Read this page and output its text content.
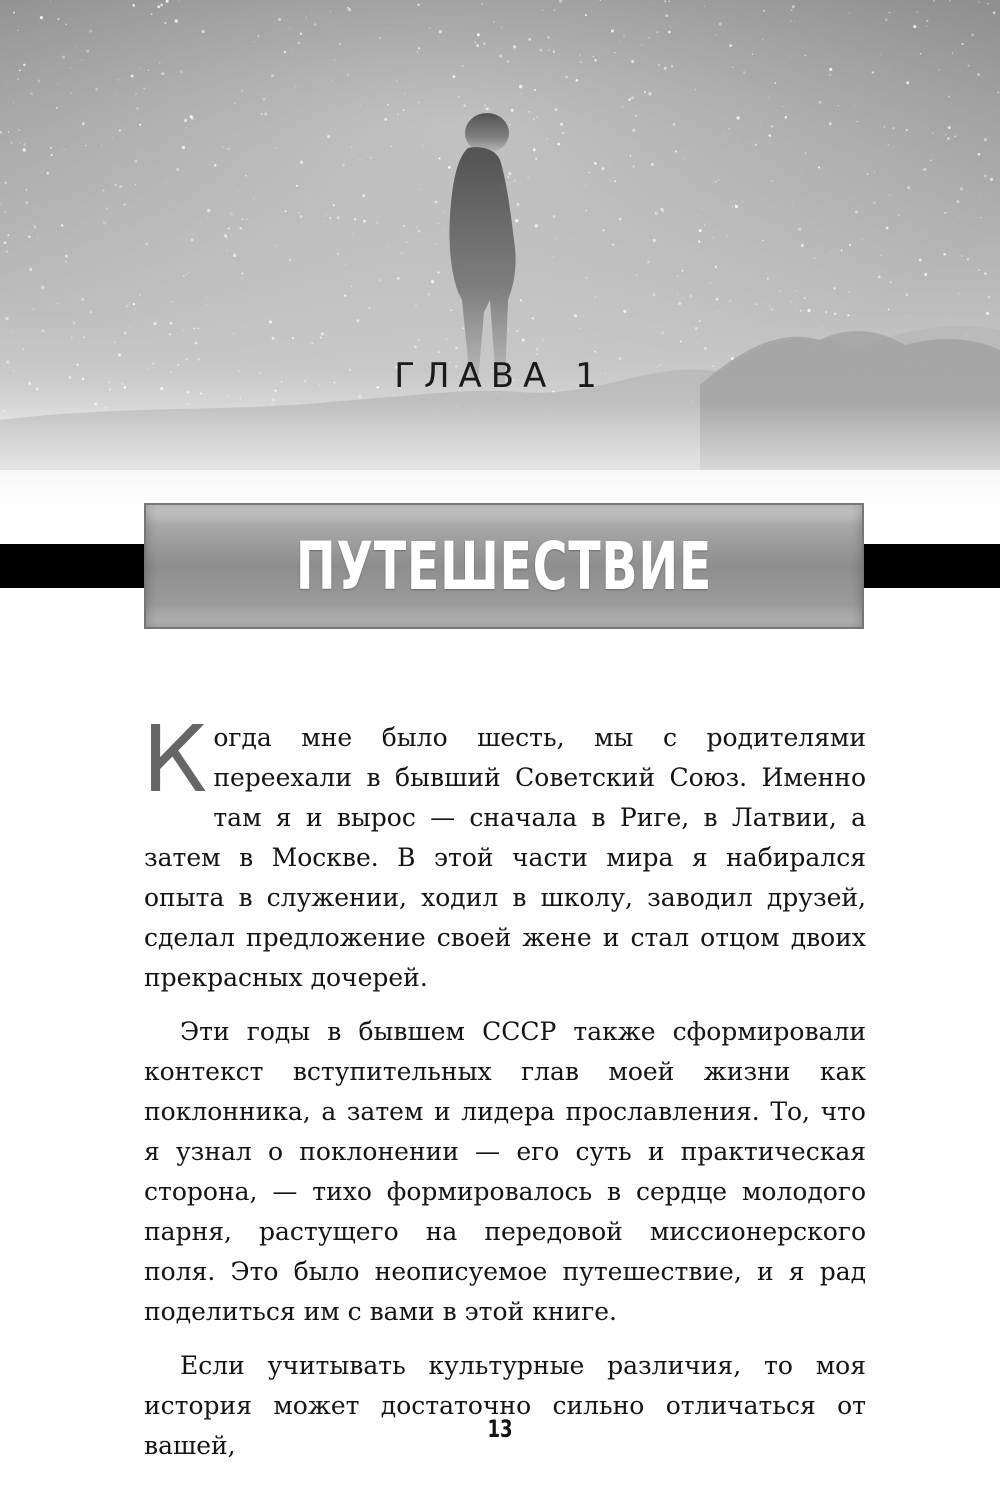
ГЛАВА 1
ПУТЕШЕСТВИЕ

Когда мне было шесть, мы с родителями переехали в бывший Советский Союз. Именно там я и вырос — сначала в Риге, в Латвии, а затем в Москве. В этой части мира я набирался опыта в служении, ходил в школу, заводил друзей, сделал предложение своей жене и стал отцом двоих прекрасных дочерей.

Эти годы в бывшем СССР также сформировали контекст вступительных глав моей жизни как поклонника, а затем и лидера прославления. То, что я узнал о поклонении — его суть и практическая сторона, — тихо формировалось в сердце молодого парня, растущего на передовой миссионерского поля. Это было неописуемое путешествие, и я рад поделиться им с вами в этой книге.

Если учитывать культурные различия, то моя история может достаточно сильно отличаться от вашей,

13
